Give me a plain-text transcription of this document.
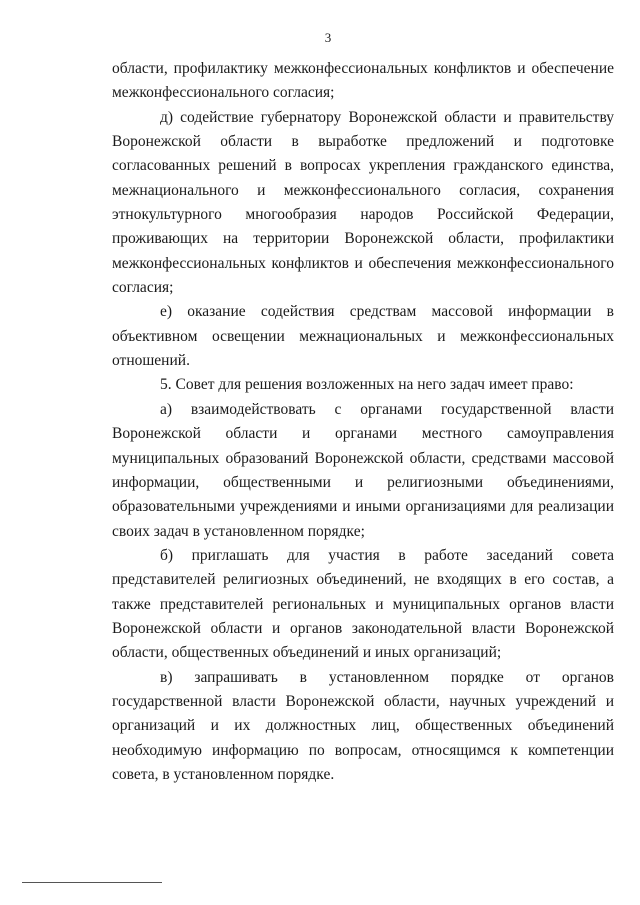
3

области, профилактику межконфессиональных конфликтов и обеспечение межконфессионального согласия;

д) содействие губернатору Воронежской области и правительству Воронежской области в выработке предложений и подготовке согласованных решений в вопросах укрепления гражданского единства, межнационального и межконфессионального согласия, сохранения этнокультурного многообразия народов Российской Федерации, проживающих на территории Воронежской области, профилактики межконфессиональных конфликтов и обеспечения межконфессионального согласия;

е) оказание содействия средствам массовой информации в объективном освещении межнациональных и межконфессиональных отношений.

5. Совет для решения возложенных на него задач имеет право:

а) взаимодействовать с органами государственной власти Воронежской области и органами местного самоуправления муниципальных образований Воронежской области, средствами массовой информации, общественными и религиозными объединениями, образовательными учреждениями и иными организациями для реализации своих задач в установленном порядке;

б) приглашать для участия в работе заседаний совета представителей религиозных объединений, не входящих в его состав, а также представителей региональных и муниципальных органов власти Воронежской области и органов законодательной власти Воронежской области, общественных объединений и иных организаций;

в) запрашивать в установленном порядке от органов государственной власти Воронежской области, научных учреждений и организаций и их должностных лиц, общественных объединений необходимую информацию по вопросам, относящимся к компетенции совета, в установленном порядке.
